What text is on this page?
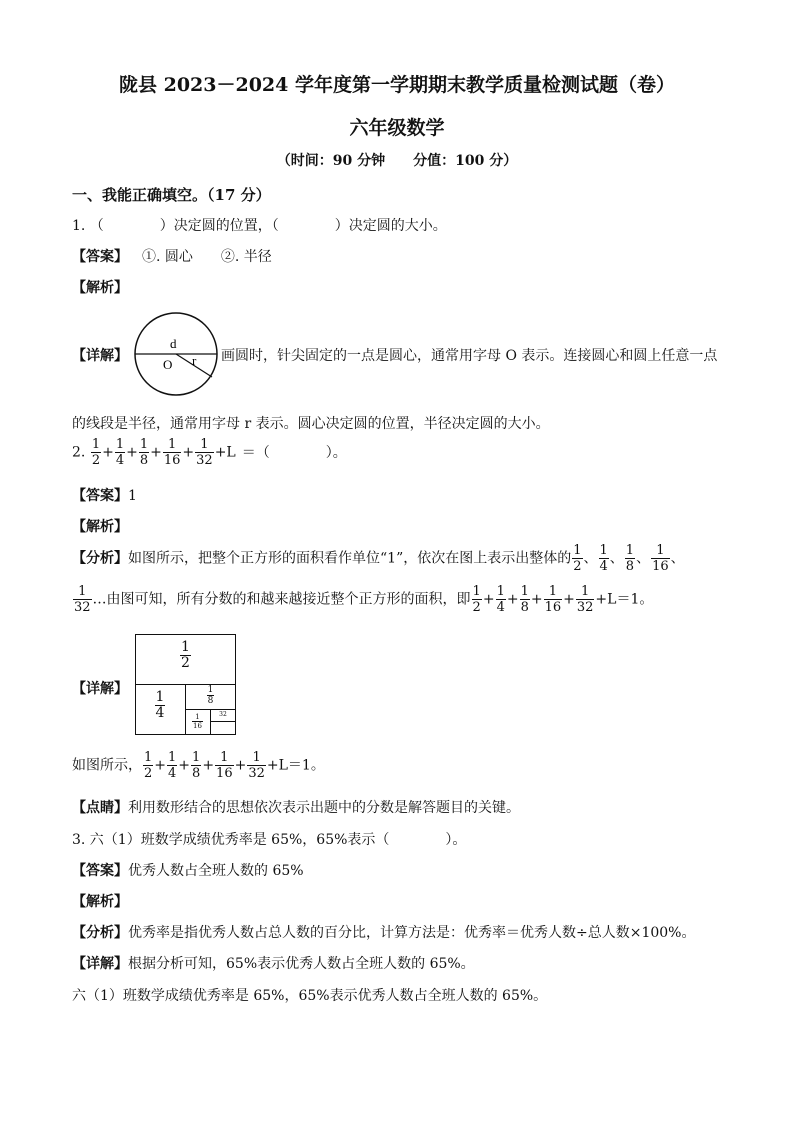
陇县 2023－2024 学年度第一学期期末教学质量检测试题（卷）
六年级数学
（时间：90 分钟　　分值：100 分）
一、我能正确填空。（17 分）
1. （　　　　）决定圆的位置，（　　　　）决定圆的大小。
【答案】 ①. 圆心　　②. 半径
【解析】
【详解】
d
O r 画圆时，针尖固定的一点是圆心，通常用字母 O 表示。连接圆心和圆上任意一点
的线段是半径，通常用字母 r 表示。圆心决定圆的位置，半径决定圆的大小。
2. $\frac{1}{2} + \frac{1}{4} + \frac{1}{8} + \frac{1}{16} + \frac{1}{32} +L$ ＝（　　　　）。
【答案】1
【解析】
【分析】如图所示，把整个正方形的面积看作单位“1”，依次在图上表示出整体的 $\frac{1}{2}$ 、 $\frac{1}{4}$ 、 $\frac{1}{8}$ 、 $\frac{1}{16}$ 、
$\frac{1}{32}$ …由图可知，所有分数的和越来越接近整个正方形的面积，即 $\frac{1}{2} + \frac{1}{4} + \frac{1}{8} + \frac{1}{16} + \frac{1}{32} +L=1$。
【详解】
$\frac{1}{2}$
$\frac{1}{4}$	$\frac{1}{8}$
$\frac{1}{16}$	32
如图所示， $\frac{1}{2} + \frac{1}{4} + \frac{1}{8} + \frac{1}{16} + \frac{1}{32} +L=1$。
【点睛】利用数形结合的思想依次表示出题中的分数是解答题目的关键。
3. 六（1）班数学成绩优秀率是 65%，65%表示（　　　　）。
【答案】优秀人数占全班人数的 65%
【解析】
【分析】优秀率是指优秀人数占总人数的百分比，计算方法是：优秀率＝优秀人数÷总人数×100%。
【详解】根据分析可知，65%表示优秀人数占全班人数的 65%。
六（1）班数学成绩优秀率是 65%，65%表示优秀人数占全班人数的 65%。
